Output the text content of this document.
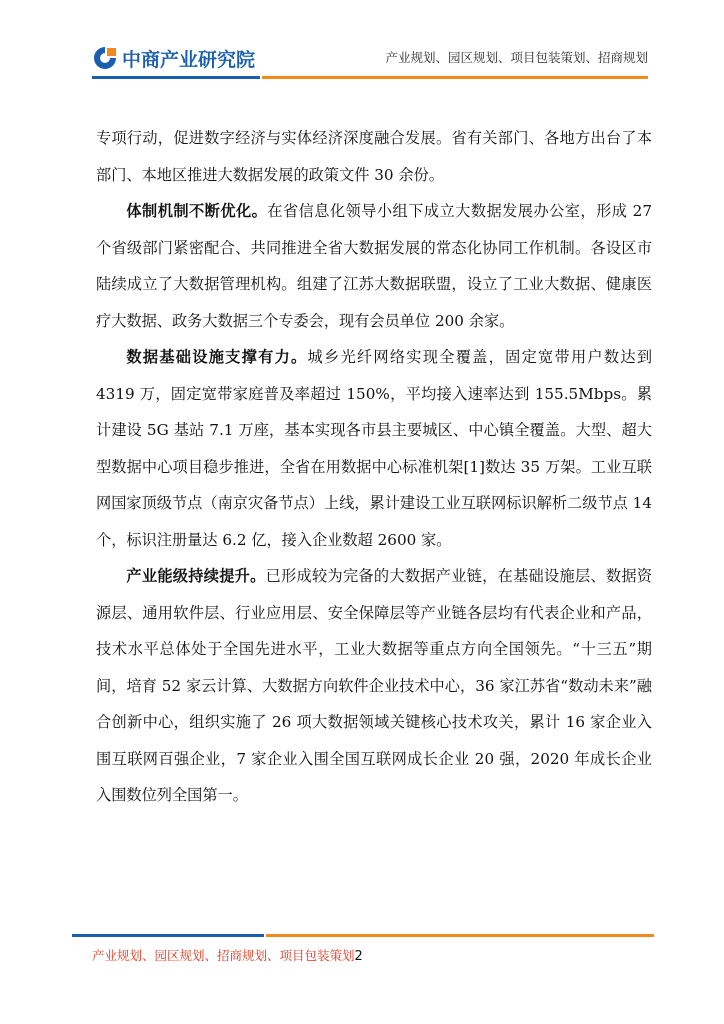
中商产业研究院	产业规划、园区规划、项目包装策划、招商规划

专项行动，促进数字经济与实体经济深度融合发展。省有关部门、各地方出台了本部门、本地区推进大数据发展的政策文件 30 余份。

体制机制不断优化。在省信息化领导小组下成立大数据发展办公室，形成 27 个省级部门紧密配合、共同推进全省大数据发展的常态化协同工作机制。各设区市陆续成立了大数据管理机构。组建了江苏大数据联盟，设立了工业大数据、健康医疗大数据、政务大数据三个专委会，现有会员单位 200 余家。

数据基础设施支撑有力。城乡光纤网络实现全覆盖，固定宽带用户数达到 4319 万，固定宽带家庭普及率超过 150%，平均接入速率达到 155.5Mbps。累计建设 5G 基站 7.1 万座，基本实现各市县主要城区、中心镇全覆盖。大型、超大型数据中心项目稳步推进，全省在用数据中心标准机架[1]数达 35 万架。工业互联网国家顶级节点（南京灾备节点）上线，累计建设工业互联网标识解析二级节点 14 个，标识注册量达 6.2 亿，接入企业数超 2600 家。

产业能级持续提升。已形成较为完备的大数据产业链，在基础设施层、数据资源层、通用软件层、行业应用层、安全保障层等产业链各层均有代表企业和产品，技术水平总体处于全国先进水平，工业大数据等重点方向全国领先。“十三五”期间，培育 52 家云计算、大数据方向软件企业技术中心，36 家江苏省“数动未来”融合创新中心，组织实施了 26 项大数据领域关键核心技术攻关，累计 16 家企业入围互联网百强企业，7 家企业入围全国互联网成长企业 20 强，2020 年成长企业入围数位列全国第一。

产业规划、园区规划、招商规划、项目包装策划2
